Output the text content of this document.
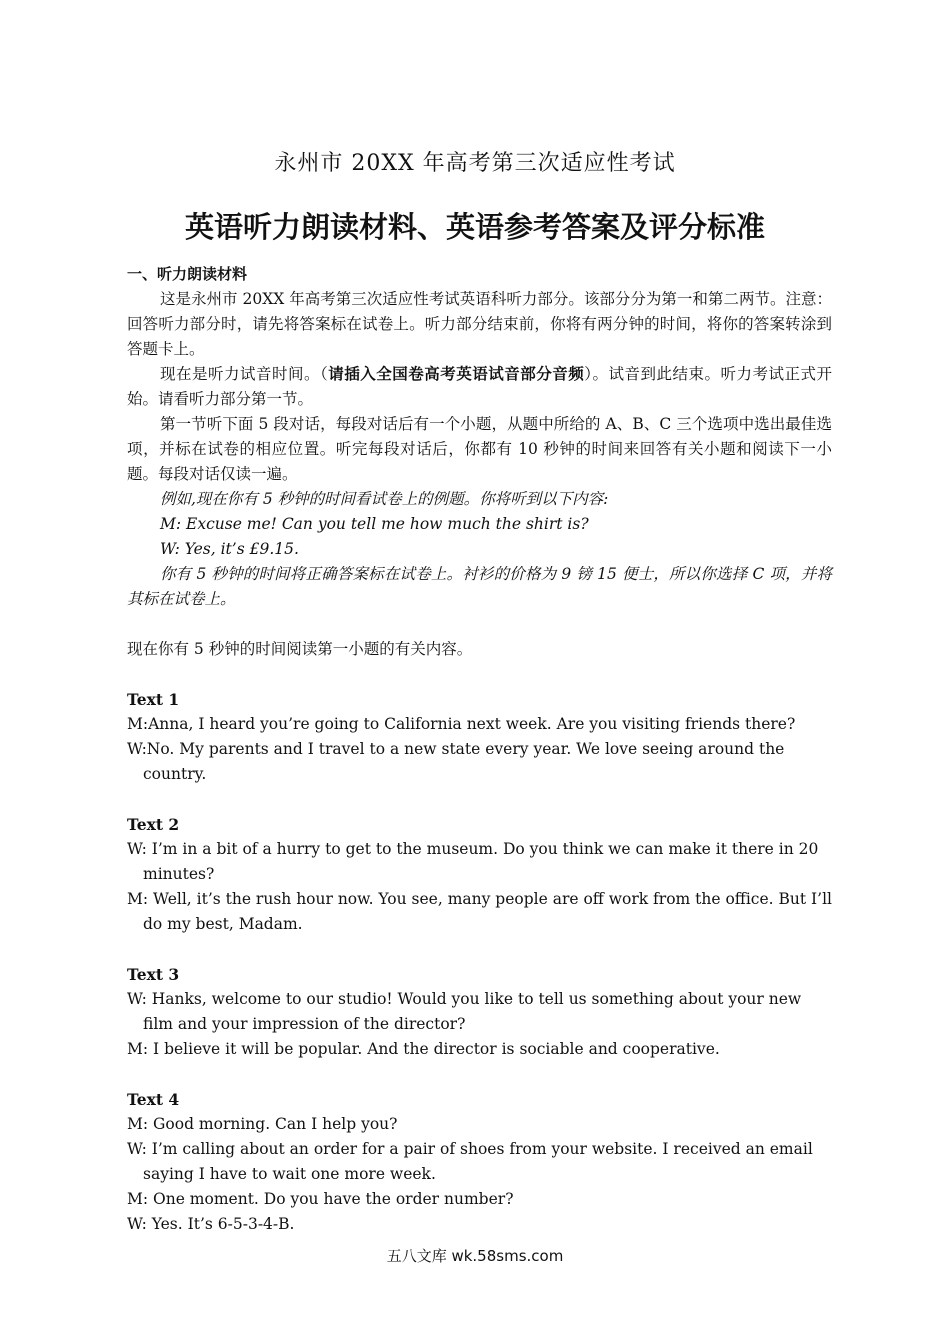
永州市 20XX 年高考第三次适应性考试
英语听力朗读材料、英语参考答案及评分标准
一、听力朗读材料

这是永州市 20XX 年高考第三次适应性考试英语科听力部分。该部分分为第一和第二两节。注意：回答听力部分时，请先将答案标在试卷上。听力部分结束前，你将有两分钟的时间，将你的答案转涂到答题卡上。

现在是听力试音时间。（请插入全国卷高考英语试音部分音频）。试音到此结束。听力考试正式开始。请看听力部分第一节。

第一节听下面 5 段对话，每段对话后有一个小题，从题中所给的 A、B、C 三个选项中选出最佳选项，并标在试卷的相应位置。听完每段对话后，你都有 10 秒钟的时间来回答有关小题和阅读下一小题。每段对话仅读一遍。

例如,现在你有 5 秒钟的时间看试卷上的例题。你将听到以下内容:

M: Excuse me! Can you tell me how much the shirt is?

W: Yes, it’s £9.15.

你有 5 秒钟的时间将正确答案标在试卷上。衬衫的价格为 9 镑 15 便士，所以你选择 C 项，并将其标在试卷上。

现在你有 5 秒钟的时间阅读第一小题的有关内容。

Text 1

M:Anna, I heard you’re going to California next week. Are you visiting friends there?

W:No. My parents and I travel to a new state every year. We love seeing around the country.

Text 2

W: I’m in a bit of a hurry to get to the museum. Do you think we can make it there in 20 minutes?

M: Well, it’s the rush hour now. You see, many people are off work from the office. But I’ll do my best, Madam.

Text 3

W: Hanks, welcome to our studio! Would you like to tell us something about your new film and your impression of the director?

M: I believe it will be popular. And the director is sociable and cooperative.

Text 4

M: Good morning. Can I help you?

W: I’m calling about an order for a pair of shoes from your website. I received an email saying I have to wait one more week.

M: One moment. Do you have the order number?

W: Yes. It’s 6-5-3-4-B.

五八文库 wk.58sms.com
